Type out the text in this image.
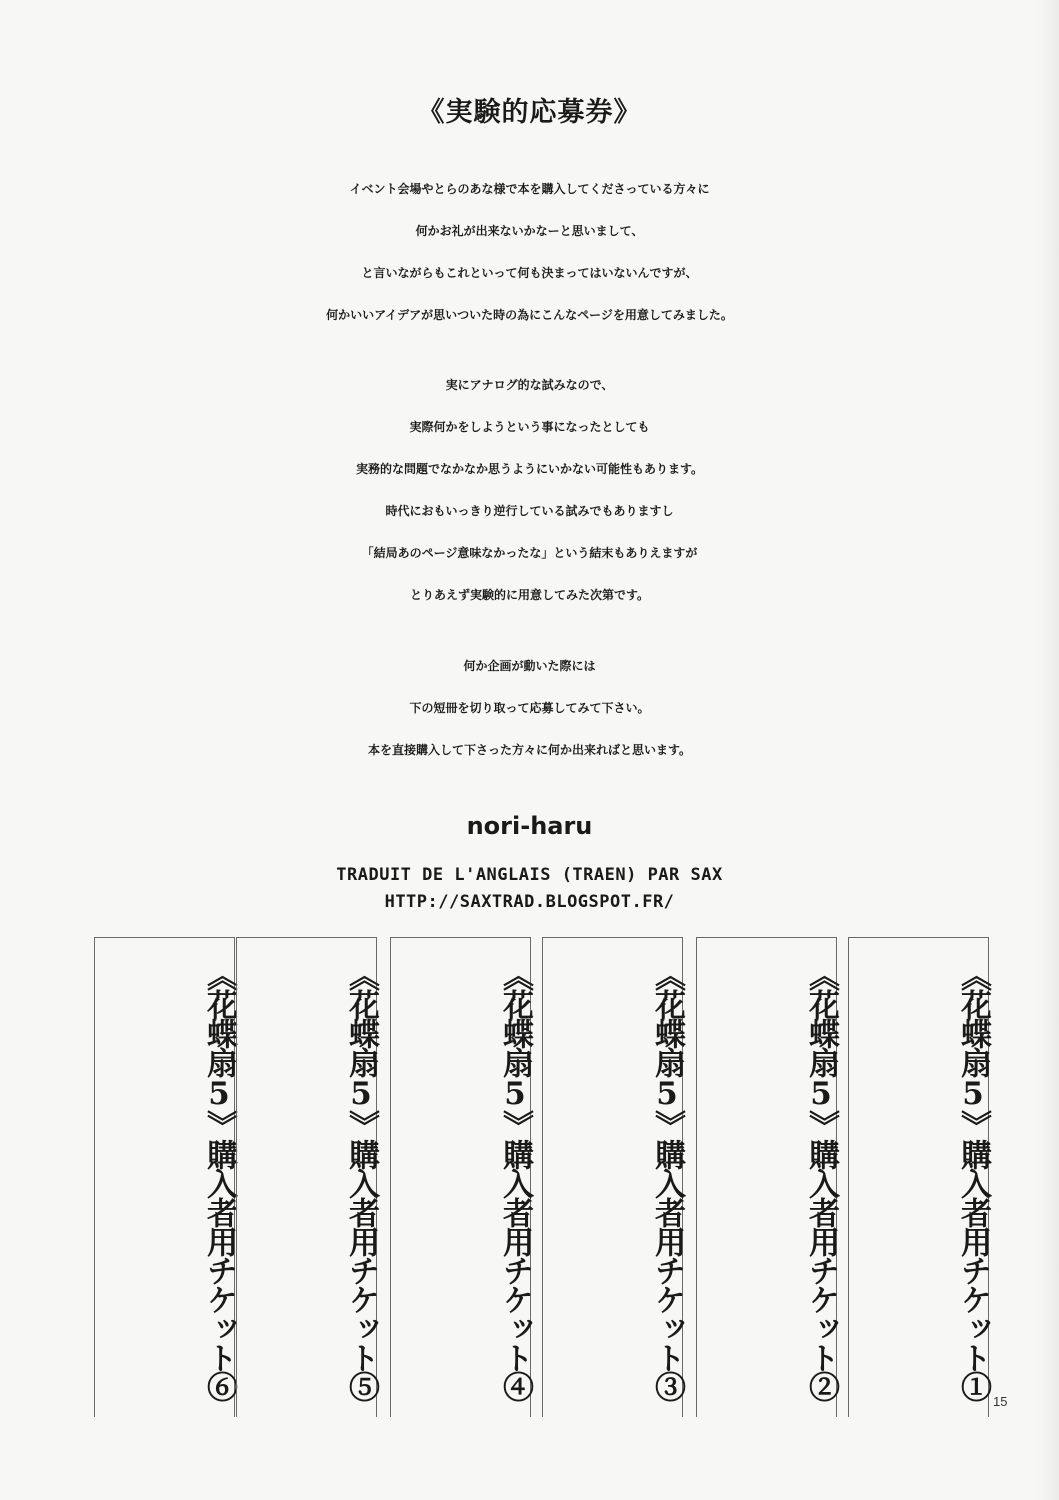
《実験的応募券》
イベント会場やとらのあな様で本を購入してくださっている方々に
何かお礼が出来ないかなーと思いまして、
と言いながらもこれといって何も決まってはいないんですが、
何かいいアイデアが思いついた時の為にこんなページを用意してみました。
実にアナログ的な試みなので、
実際何かをしようという事になったとしても
実務的な問題でなかなか思うようにいかない可能性もあります。
時代におもいっきり逆行している試みでもありますし
「結局あのページ意味なかったな」という結末もありえますが
とりあえず実験的に用意してみた次第です。
何か企画が動いた際には
下の短冊を切り取って応募してみて下さい。
本を直接購入して下さった方々に何か出来ればと思います。
nori-haru
TRADUIT DE L'ANGLAIS (TRAEN) PAR SAX
HTTP://SAXTRAD.BLOGSPOT.FR/
《花蝶扇5》購入者用チケット⑥	《花蝶扇5》購入者用チケット⑤	《花蝶扇5》購入者用チケット④	《花蝶扇5》購入者用チケット③	《花蝶扇5》購入者用チケット②	《花蝶扇5》購入者用チケット①
15
